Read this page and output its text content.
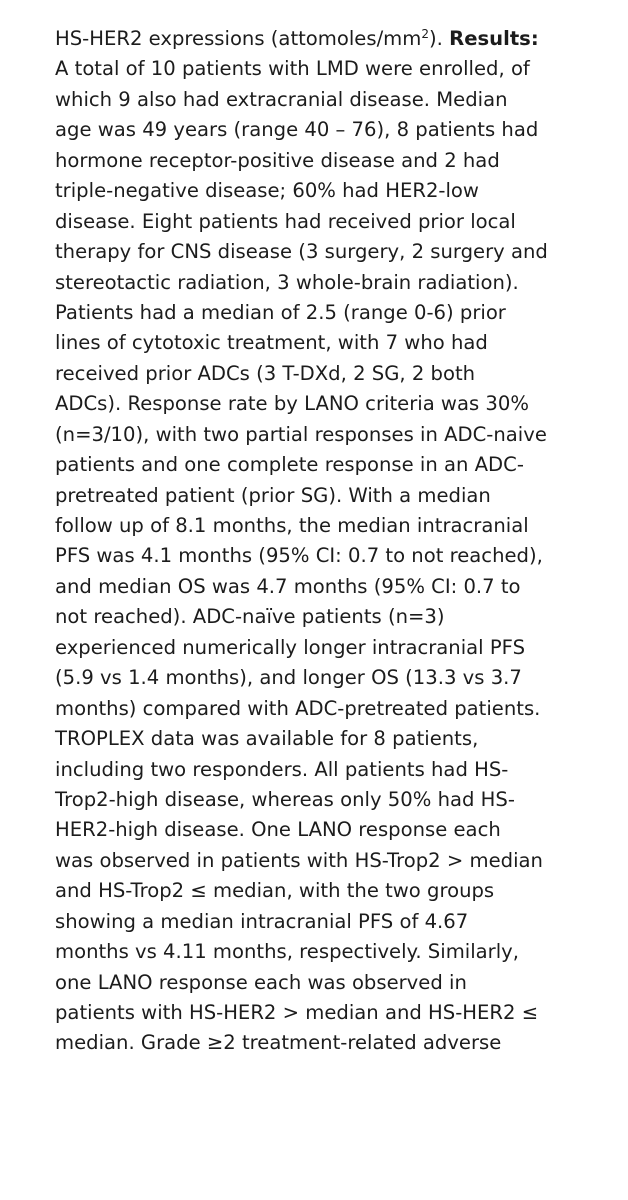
HS-HER2 expressions $(attomoles/mm^2)$. Results:
A total of 10 patients with LMD were enrolled, of
which 9 also had extracranial disease. Median
age was 49 years (range 40 – 76), 8 patients had
hormone receptor-positive disease and 2 had
triple-negative disease; 60% had HER2-low
disease. Eight patients had received prior local
therapy for CNS disease (3 surgery, 2 surgery and
stereotactic radiation, 3 whole-brain radiation).
Patients had a median of 2.5 (range 0-6) prior
lines of cytotoxic treatment, with 7 who had
received prior ADCs (3 T-DXd, 2 SG, 2 both
ADCs). Response rate by LANO criteria was 30%
(n=3/10), with two partial responses in ADC-naive
patients and one complete response in an ADC-
pretreated patient (prior SG). With a median
follow up of 8.1 months, the median intracranial
PFS was 4.1 months (95% CI: 0.7 to not reached),
and median OS was 4.7 months (95% CI: 0.7 to
not reached). ADC-naïve patients (n=3)
experienced numerically longer intracranial PFS
(5.9 vs 1.4 months), and longer OS (13.3 vs 3.7
months) compared with ADC-pretreated patients.
TROPLEX data was available for 8 patients,
including two responders. All patients had HS-
Trop2-high disease, whereas only 50% had HS-
HER2-high disease. One LANO response each
was observed in patients with HS-Trop2 > median
and HS-Trop2 ≤ median, with the two groups
showing a median intracranial PFS of 4.67
months vs 4.11 months, respectively. Similarly,
one LANO response each was observed in
patients with HS-HER2 > median and HS-HER2 ≤
median. Grade ≥2 treatment-related adverse
